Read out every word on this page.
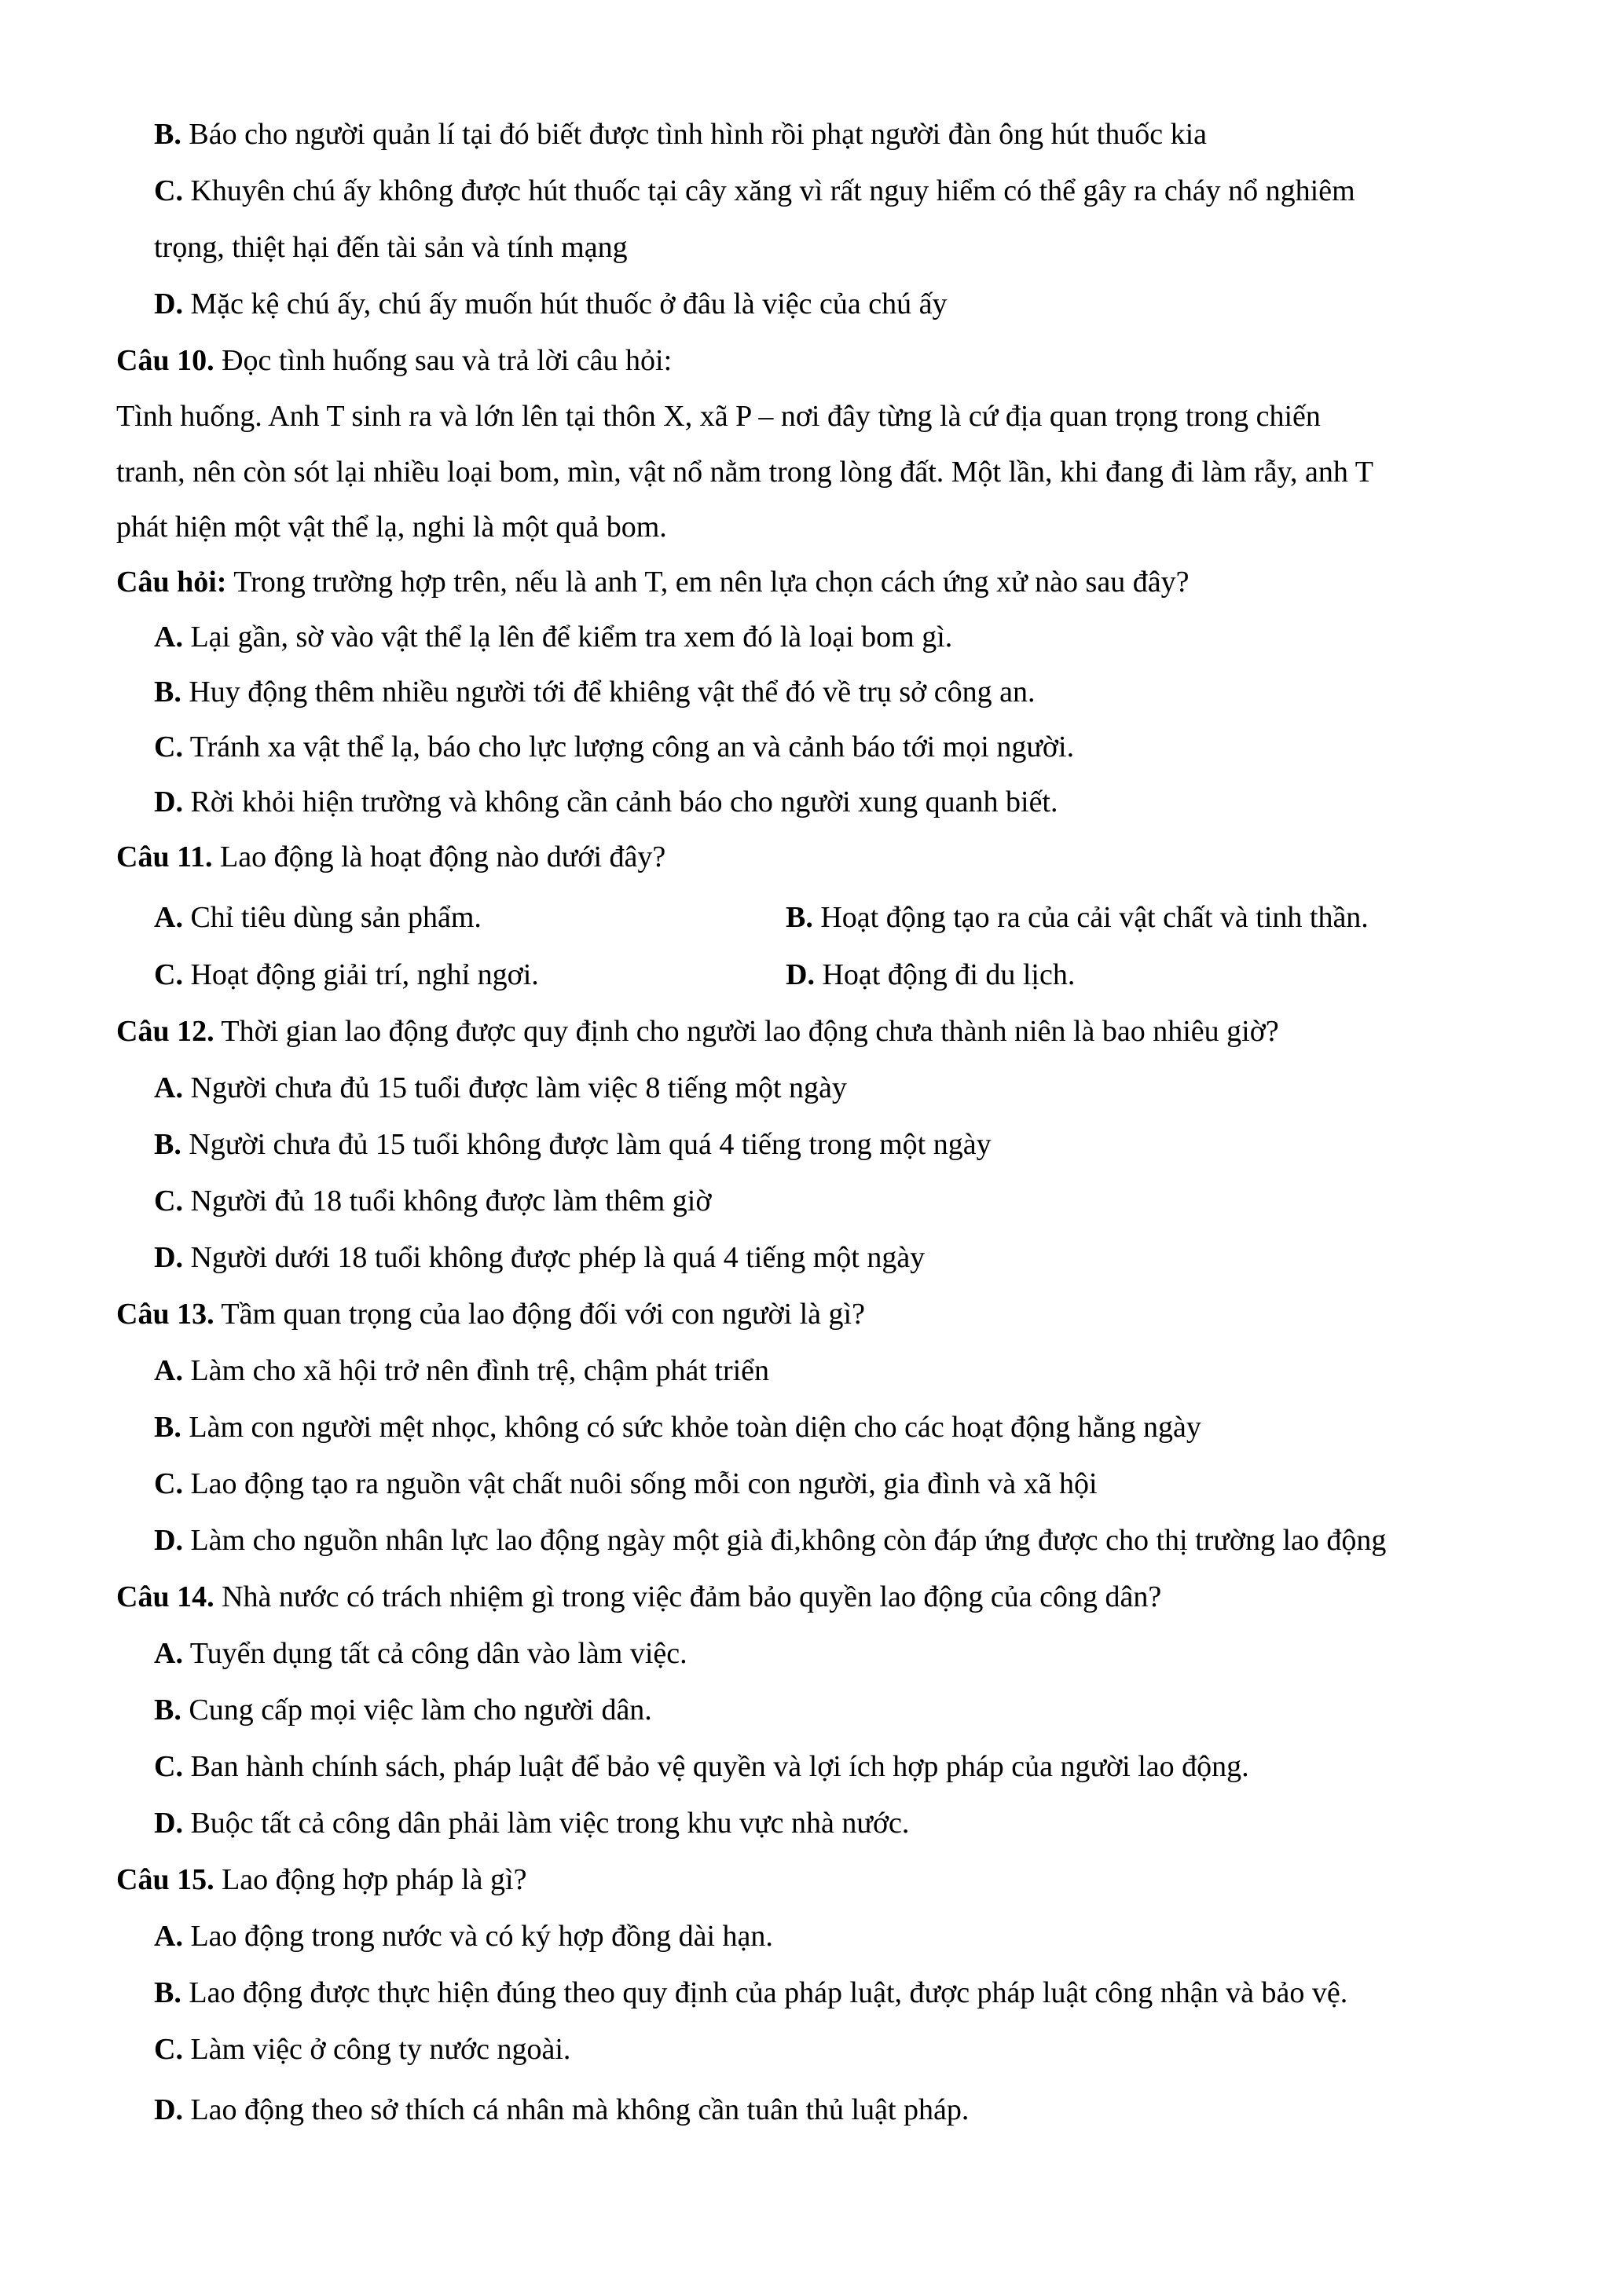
B. Báo cho người quản lí tại đó biết được tình hình rồi phạt người đàn ông hút thuốc kia

C. Khuyên chú ấy không được hút thuốc tại cây xăng vì rất nguy hiểm có thể gây ra cháy nổ nghiêm

trọng, thiệt hại đến tài sản và tính mạng

D. Mặc kệ chú ấy, chú ấy muốn hút thuốc ở đâu là việc của chú ấy

Câu 10. Đọc tình huống sau và trả lời câu hỏi:

Tình huống. Anh T sinh ra và lớn lên tại thôn X, xã P – nơi đây từng là cứ địa quan trọng trong chiến

tranh, nên còn sót lại nhiều loại bom, mìn, vật nổ nằm trong lòng đất. Một lần, khi đang đi làm rẫy, anh T

phát hiện một vật thể lạ, nghi là một quả bom.

Câu hỏi: Trong trường hợp trên, nếu là anh T, em nên lựa chọn cách ứng xử nào sau đây?

A. Lại gần, sờ vào vật thể lạ lên để kiểm tra xem đó là loại bom gì.

B. Huy động thêm nhiều người tới để khiêng vật thể đó về trụ sở công an.

C. Tránh xa vật thể lạ, báo cho lực lượng công an và cảnh báo tới mọi người.

D. Rời khỏi hiện trường và không cần cảnh báo cho người xung quanh biết.

Câu 11. Lao động là hoạt động nào dưới đây?

A. Chỉ tiêu dùng sản phẩm.	B. Hoạt động tạo ra của cải vật chất và tinh thần.
C. Hoạt động giải trí, nghỉ ngơi.	D. Hoạt động đi du lịch.

Câu 12. Thời gian lao động được quy định cho người lao động chưa thành niên là bao nhiêu giờ?

A. Người chưa đủ 15 tuổi được làm việc 8 tiếng một ngày

B. Người chưa đủ 15 tuổi không được làm quá 4 tiếng trong một ngày

C. Người đủ 18 tuổi không được làm thêm giờ

D. Người dưới 18 tuổi không được phép là quá 4 tiếng một ngày

Câu 13. Tầm quan trọng của lao động đối với con người là gì?

A. Làm cho xã hội trở nên đình trệ, chậm phát triển

B. Làm con người mệt nhọc, không có sức khỏe toàn diện cho các hoạt động hằng ngày

C. Lao động tạo ra nguồn vật chất nuôi sống mỗi con người, gia đình và xã hội

D. Làm cho nguồn nhân lực lao động ngày một già đi,không còn đáp ứng được cho thị trường lao động

Câu 14. Nhà nước có trách nhiệm gì trong việc đảm bảo quyền lao động của công dân?

A. Tuyển dụng tất cả công dân vào làm việc.

B. Cung cấp mọi việc làm cho người dân.

C. Ban hành chính sách, pháp luật để bảo vệ quyền và lợi ích hợp pháp của người lao động.

D. Buộc tất cả công dân phải làm việc trong khu vực nhà nước.

Câu 15. Lao động hợp pháp là gì?

A. Lao động trong nước và có ký hợp đồng dài hạn.

B. Lao động được thực hiện đúng theo quy định của pháp luật, được pháp luật công nhận và bảo vệ.

C. Làm việc ở công ty nước ngoài.

D. Lao động theo sở thích cá nhân mà không cần tuân thủ luật pháp.
